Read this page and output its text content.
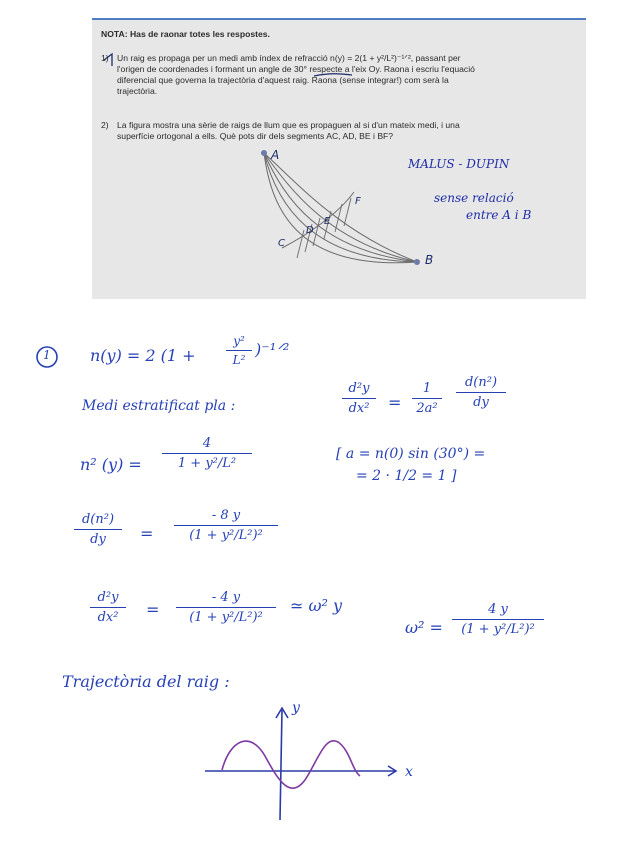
NOTA: Has de raonar totes les respostes.
1) Un raig es propaga per un medi amb índex de refracció n(y) = 2(1 + y²/L²)⁻¹ᐟ², passant per
l'origen de coordenades i formant un angle de 30° respecte a l'eix Oy. Raona i escriu l'equació
diferencial que governa la trajectòria d'aquest raig. Raona (sense integrar!) com serà la
trajectòria.
2) La figura mostra una sèrie de raigs de llum que es propaguen al si d'un mateix medi, i una
superfície ortogonal a ells. Què pots dir dels segments AC, AD, BE i BF?
A
B
C
D
E
F
MALUS - DUPIN
sense relació
entre A i B
1 n(y) = 2 (1 +
y²
L²
)⁻¹ᐟ²
Medi estratificat pla :
d²y
dx²	=
1
2a²
d(n²)
dy
n² (y) =
4
1 + y²/L²
[ a = n(0) sin (30°) =
= 2 · 1/2 = 1 ]
d(n²)
dy	=
- 8 y
(1 + y²/L²)²
d²y
dx²	=
- 4 y
(1 + y²/L²)²
≃ ω² y
ω² =
4 y
(1 + y²/L²)²
Trajectòria del raig :
y
x
